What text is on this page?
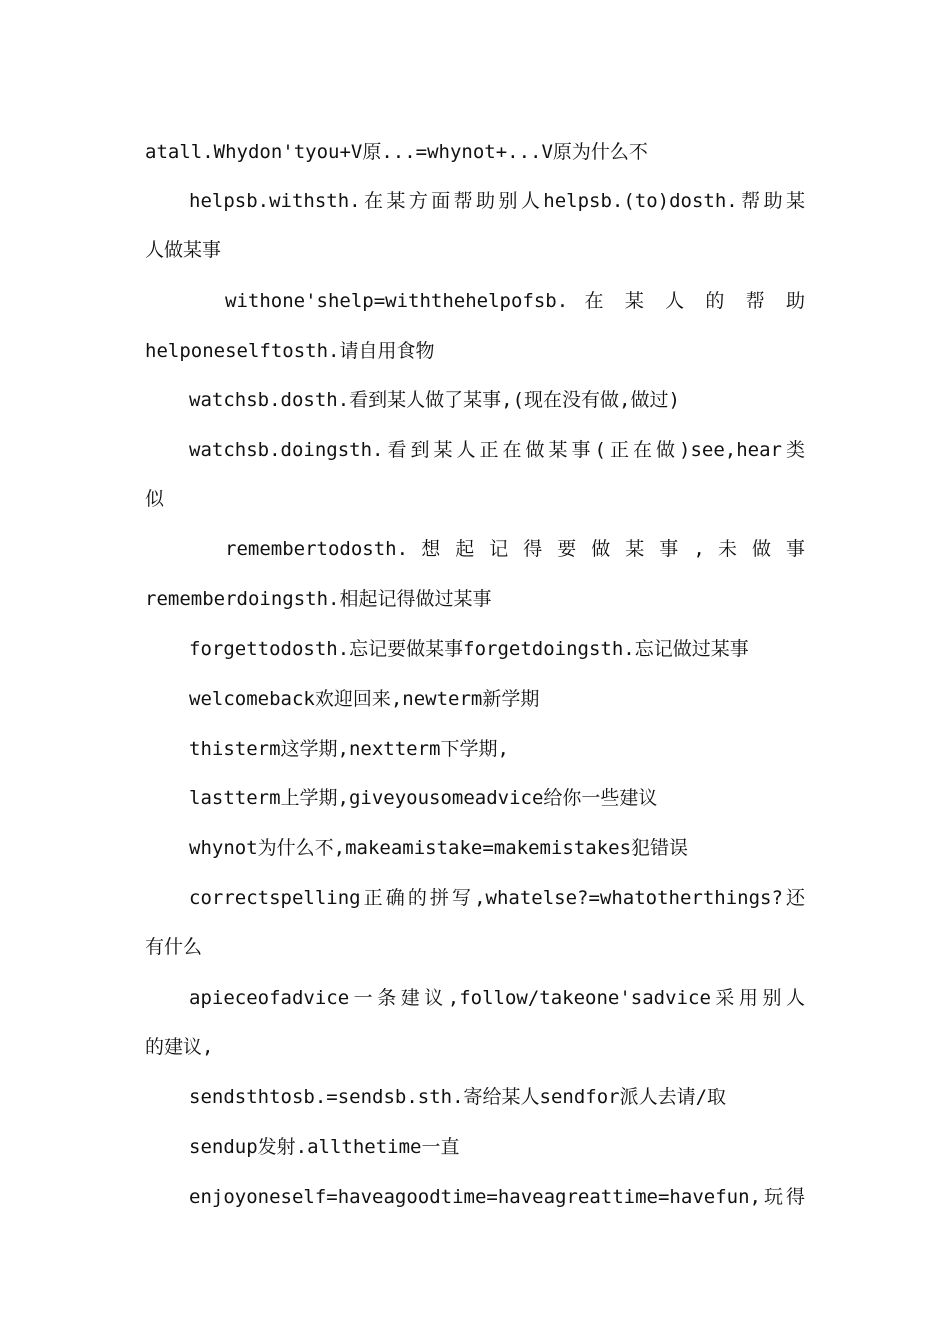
atall.Whydon'tyou+V原...=whynot+...V原为什么不
helpsb.withsth.在某方面帮助别人helpsb.(to)dosth.帮助某
人做某事
withone'shelp=withthehelpofsb. 在 某 人 的 帮 助
helponeselftosth.请自用食物
watchsb.dosth.看到某人做了某事,(现在没有做,做过)
watchsb.doingsth.看到某人正在做某事(正在做)see,hear类
似
remembertodosth. 想 起 记 得 要 做 某 事 , 未 做 事
rememberdoingsth.相起记得做过某事
forgettodosth.忘记要做某事forgetdoingsth.忘记做过某事
welcomeback欢迎回来,newterm新学期
thisterm这学期,nextterm下学期,
lastterm上学期,giveyousomeadvice给你一些建议
whynot为什么不,makeamistake=makemistakes犯错误
correctspelling正确的拼写,whatelse?=whatotherthings?还
有什么
apieceofadvice一条建议,follow/takeone'sadvice采用别人
的建议,
sendsthtosb.=sendsb.sth.寄给某人sendfor派人去请/取
sendup发射.allthetime一直
enjoyoneself=haveagoodtime=haveagreattime=havefun,玩得
